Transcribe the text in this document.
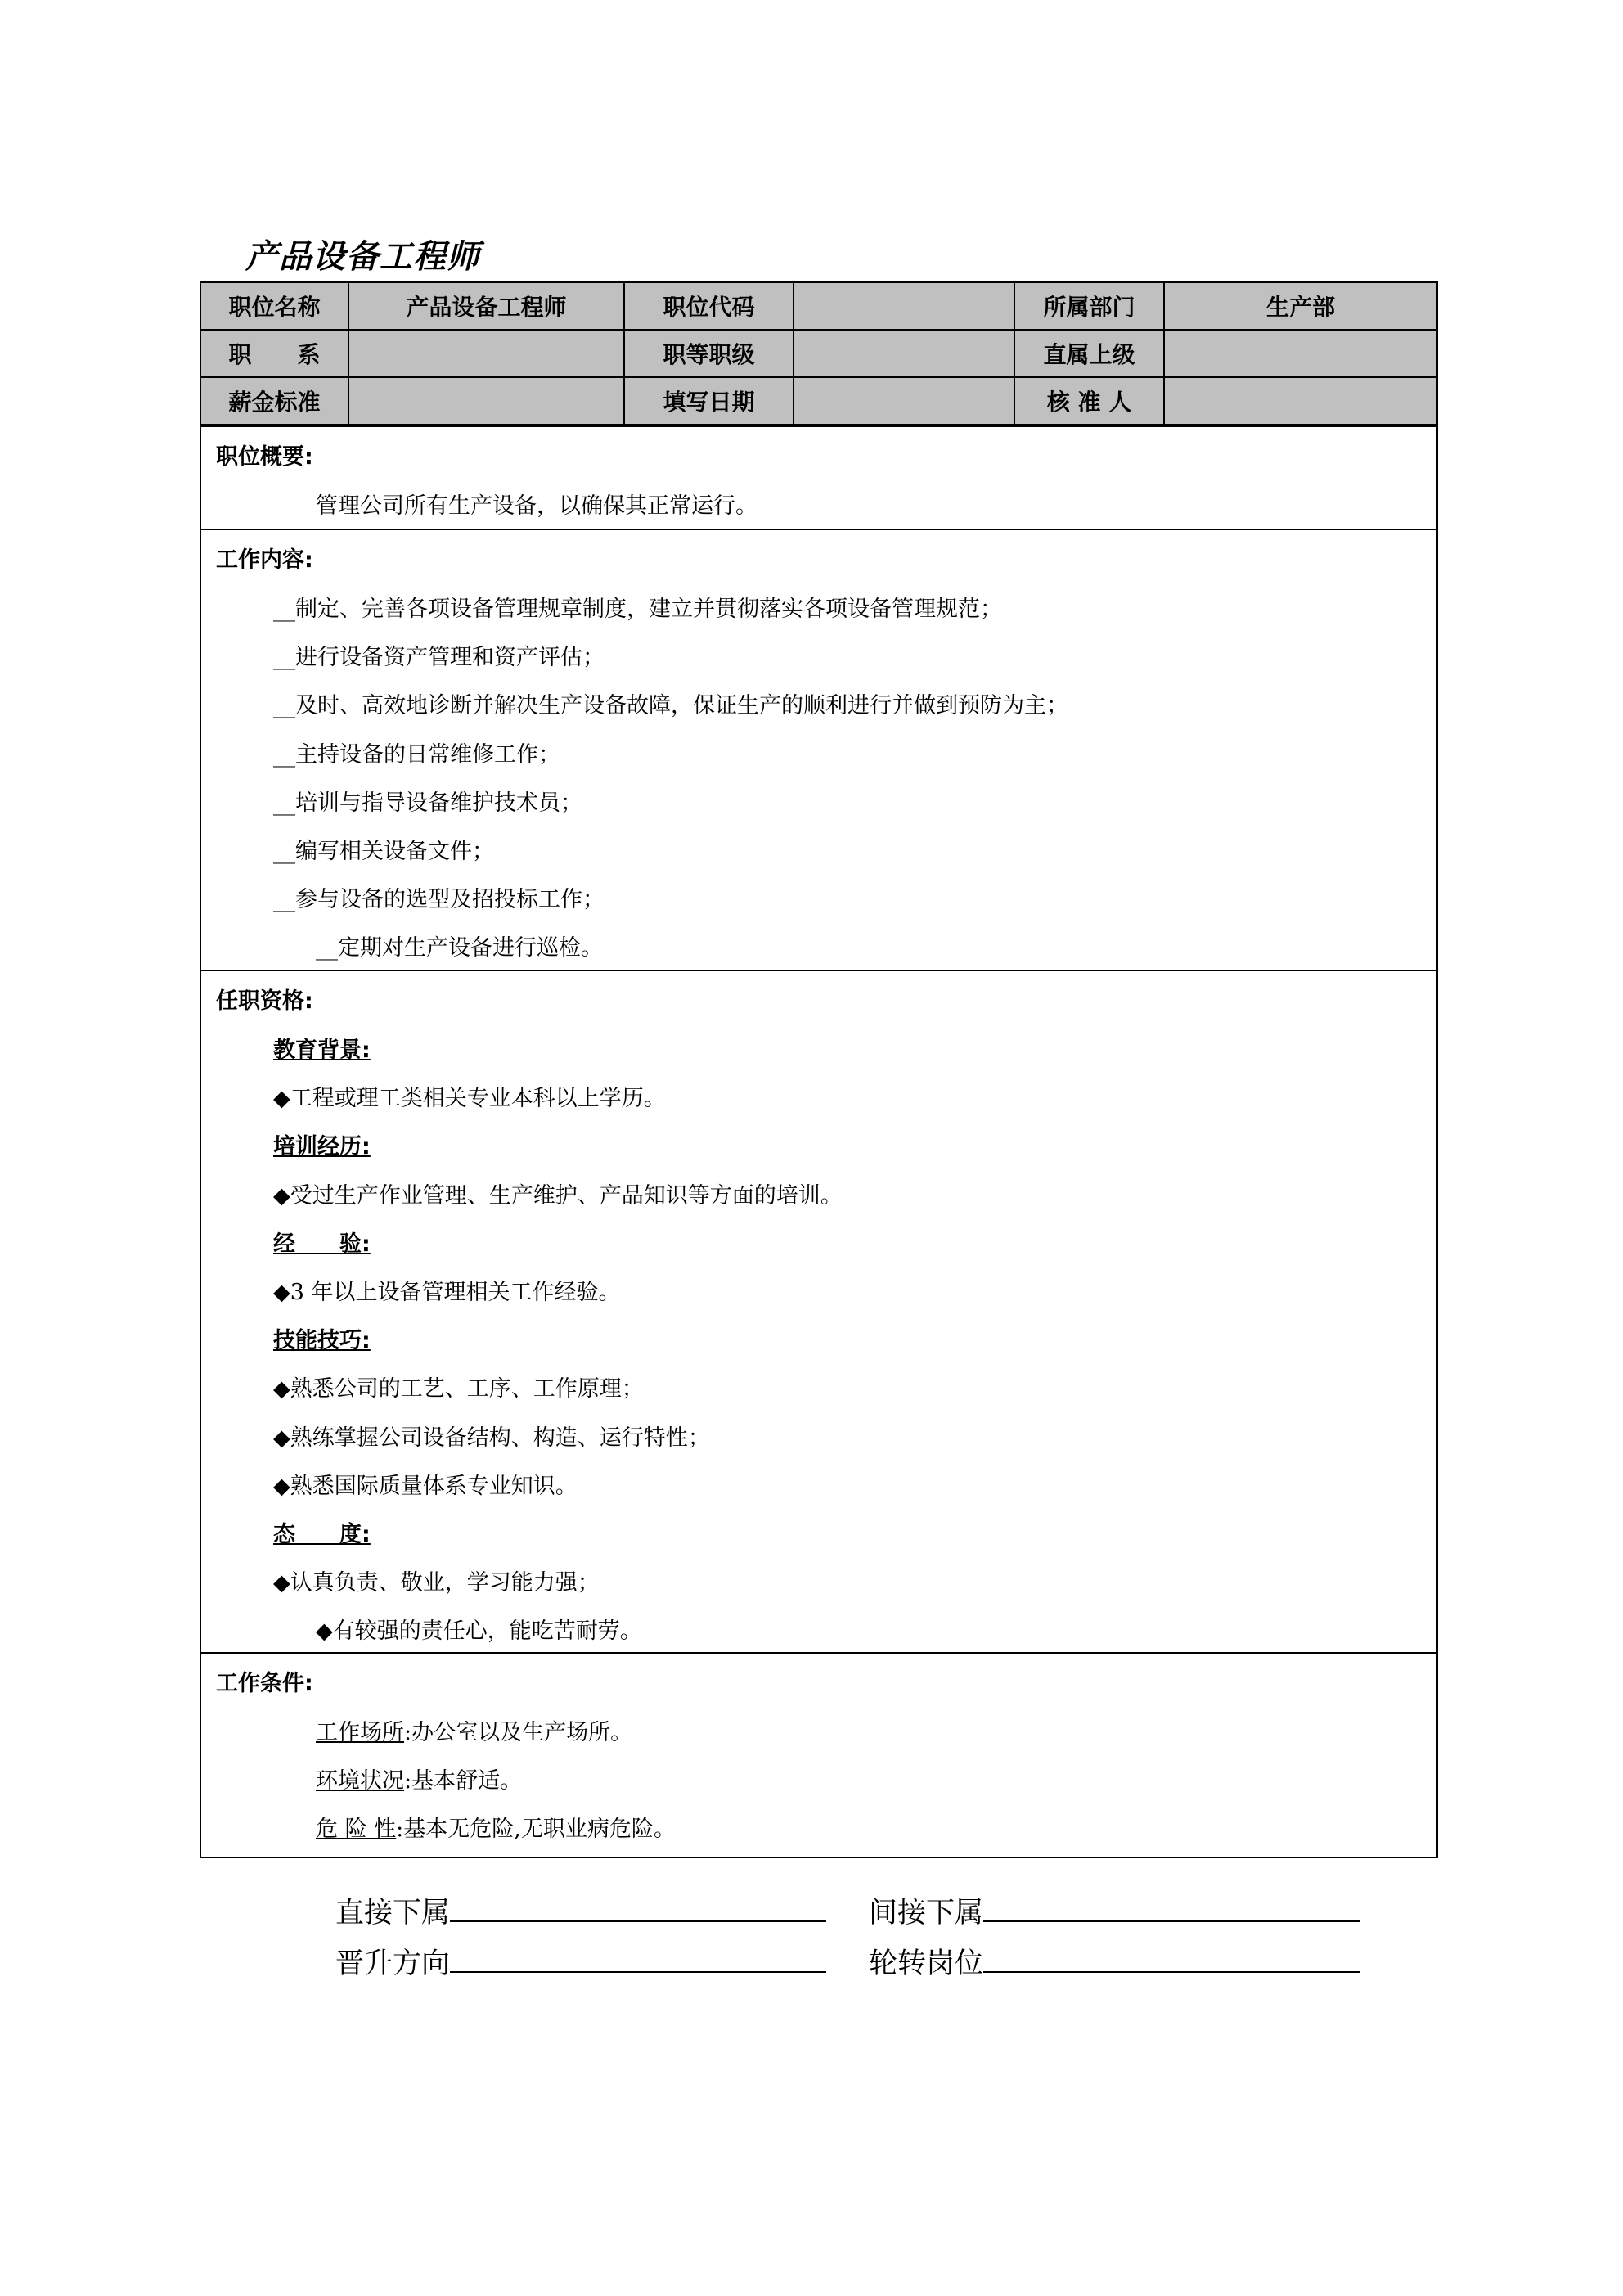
产品设备工程师
职位名称	产品设备工程师	职位代码		所属部门	生产部
职　　系		职等职级		直属上级	
薪金标准		填写日期		核 准 人	
职位概要:
管理公司所有生产设备，以确保其正常运行。
工作内容:
__制定、完善各项设备管理规章制度，建立并贯彻落实各项设备管理规范；
__进行设备资产管理和资产评估；
__及时、高效地诊断并解决生产设备故障，保证生产的顺利进行并做到预防为主；
__主持设备的日常维修工作；
__培训与指导设备维护技术员；
__编写相关设备文件；
__参与设备的选型及招投标工作；
__定期对生产设备进行巡检。
任职资格:
教育背景:
◆工程或理工类相关专业本科以上学历。
培训经历:
◆受过生产作业管理、生产维护、产品知识等方面的培训。
经　　验:
◆3 年以上设备管理相关工作经验。
技能技巧:
◆熟悉公司的工艺、工序、工作原理；
◆熟练掌握公司设备结构、构造、运行特性；
◆熟悉国际质量体系专业知识。
态　　度:
◆认真负责、敬业，学习能力强；
◆有较强的责任心，能吃苦耐劳。
工作条件:
工作场所:办公室以及生产场所。
环境状况:基本舒适。
危 险 性:基本无危险,无职业病危险。
直接下属	间接下属
晋升方向	轮转岗位
